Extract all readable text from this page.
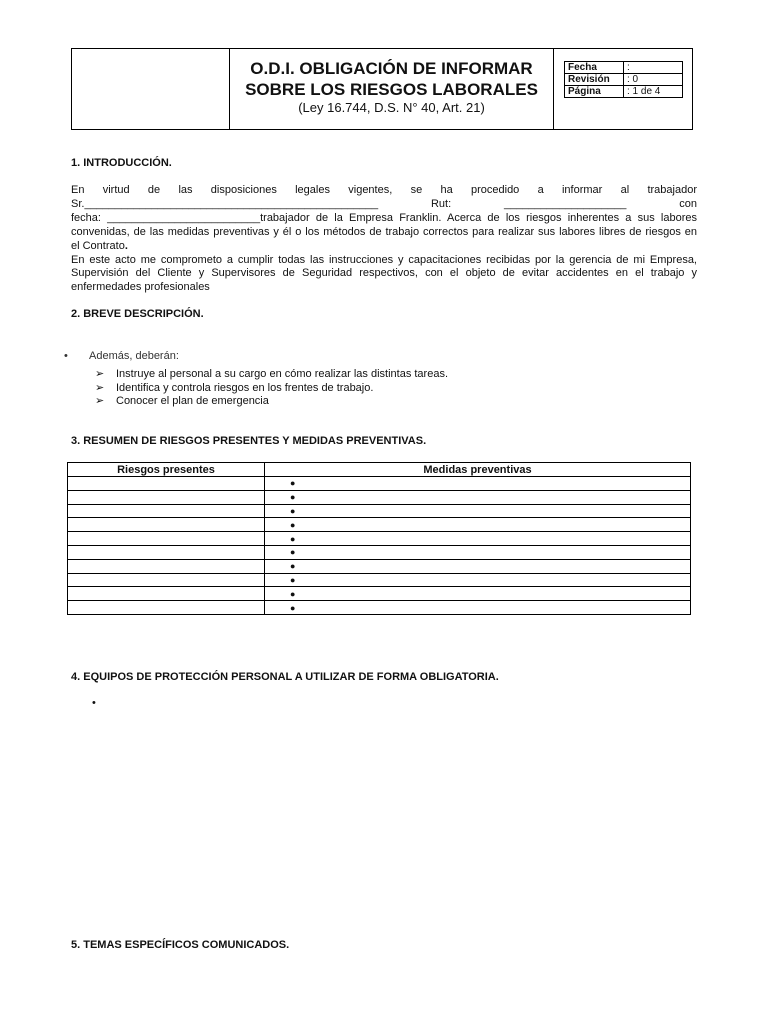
O.D.I. OBLIGACIÓN DE INFORMAR
SOBRE LOS RIESGOS LABORALES
(Ley 16.744, D.S. N° 40, Art. 21)
Fecha	:
Revisión	: 0
Página	: 1 de 4
1. INTRODUCCIÓN.
En virtud de las disposiciones legales vigentes, se ha procedido a informar al trabajador
Sr.________________________________________________ Rut: ____________________ con
fecha: _________________________trabajador de la Empresa Franklin. Acerca de los riesgos inherentes a sus labores
convenidas, de las medidas preventivas y él o los métodos de trabajo correctos para realizar sus labores libres de riesgos en
el Contrato.
En este acto me comprometo a cumplir todas las instrucciones y capacitaciones recibidas por la gerencia de mi Empresa,
Supervisión del Cliente y Supervisores de Seguridad respectivos, con el objeto de evitar accidentes en el trabajo y
enfermedades profesionales
2. BREVE DESCRIPCIÓN.
• Además, deberán:
➢	Instruye al personal a su cargo en cómo realizar las distintas tareas.
➢	Identifica y controla riesgos en los frentes de trabajo.
➢	Conocer el plan de emergencia
3. RESUMEN DE RIESGOS PRESENTES Y MEDIDAS PREVENTIVAS.
Riesgos presentes	Medidas preventivas
	●
	●
	●
	●
	●
	●
	●
	●
	●
	●
4. EQUIPOS DE PROTECCIÓN PERSONAL A UTILIZAR DE FORMA OBLIGATORIA.
•
5. TEMAS ESPECÍFICOS COMUNICADOS.
